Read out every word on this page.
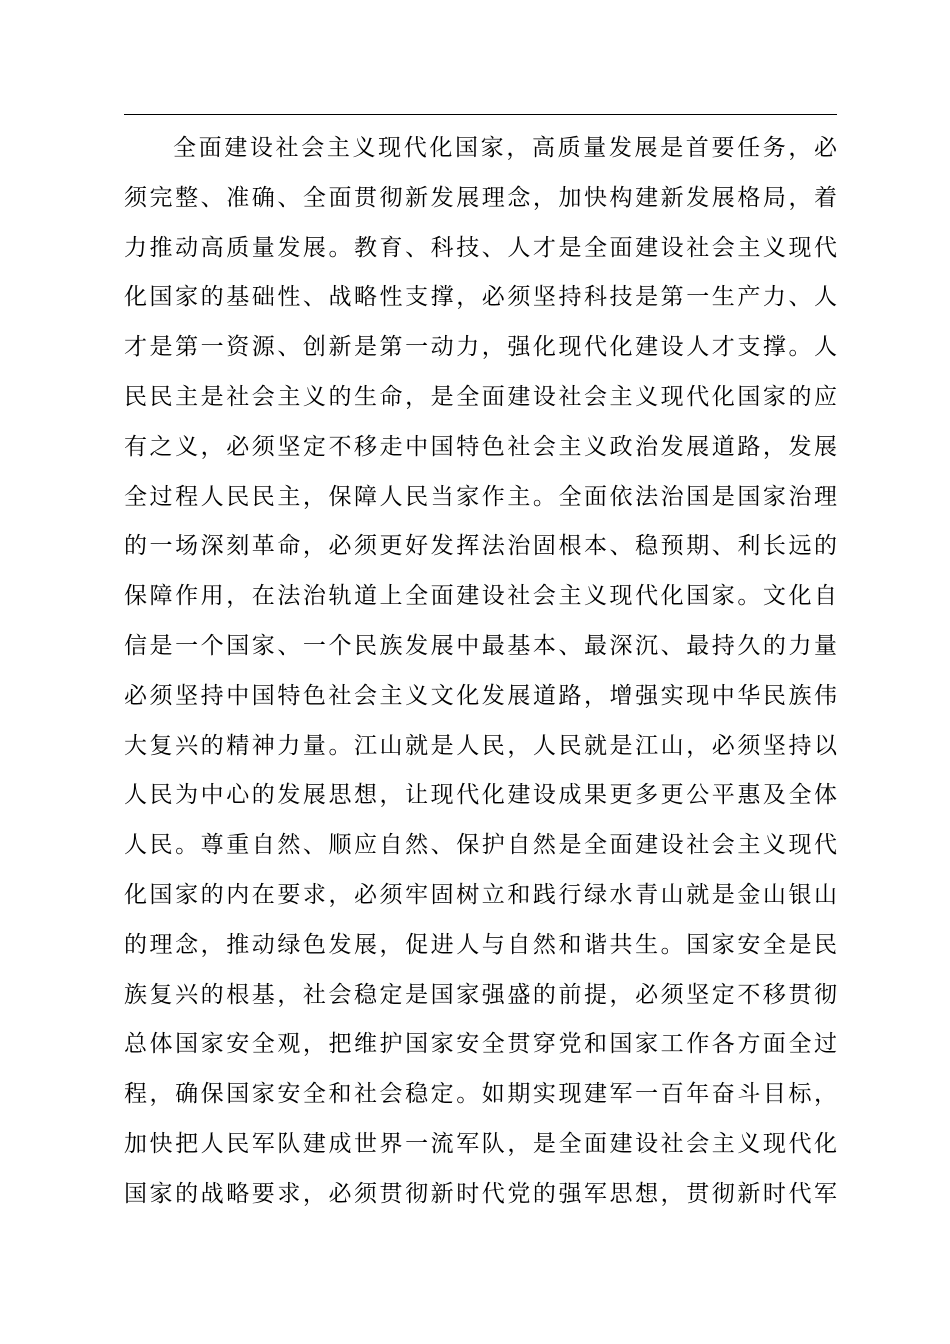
全面建设社会主义现代化国家，高质量发展是首要任务，必
须完整、准确、全面贯彻新发展理念，加快构建新发展格局，着
力推动高质量发展。教育、科技、人才是全面建设社会主义现代
化国家的基础性、战略性支撑，必须坚持科技是第一生产力、人
才是第一资源、创新是第一动力，强化现代化建设人才支撑。人
民民主是社会主义的生命，是全面建设社会主义现代化国家的应
有之义，必须坚定不移走中国特色社会主义政治发展道路，发展
全过程人民民主，保障人民当家作主。全面依法治国是国家治理
的一场深刻革命，必须更好发挥法治固根本、稳预期、利长远的
保障作用，在法治轨道上全面建设社会主义现代化国家。文化自
信是一个国家、一个民族发展中最基本、最深沉、最持久的力量
必须坚持中国特色社会主义文化发展道路，增强实现中华民族伟
大复兴的精神力量。江山就是人民，人民就是江山，必须坚持以
人民为中心的发展思想，让现代化建设成果更多更公平惠及全体
人民。尊重自然、顺应自然、保护自然是全面建设社会主义现代
化国家的内在要求，必须牢固树立和践行绿水青山就是金山银山
的理念，推动绿色发展，促进人与自然和谐共生。国家安全是民
族复兴的根基，社会稳定是国家强盛的前提，必须坚定不移贯彻
总体国家安全观，把维护国家安全贯穿党和国家工作各方面全过
程，确保国家安全和社会稳定。如期实现建军一百年奋斗目标，
加快把人民军队建成世界一流军队，是全面建设社会主义现代化
国家的战略要求，必须贯彻新时代党的强军思想，贯彻新时代军
